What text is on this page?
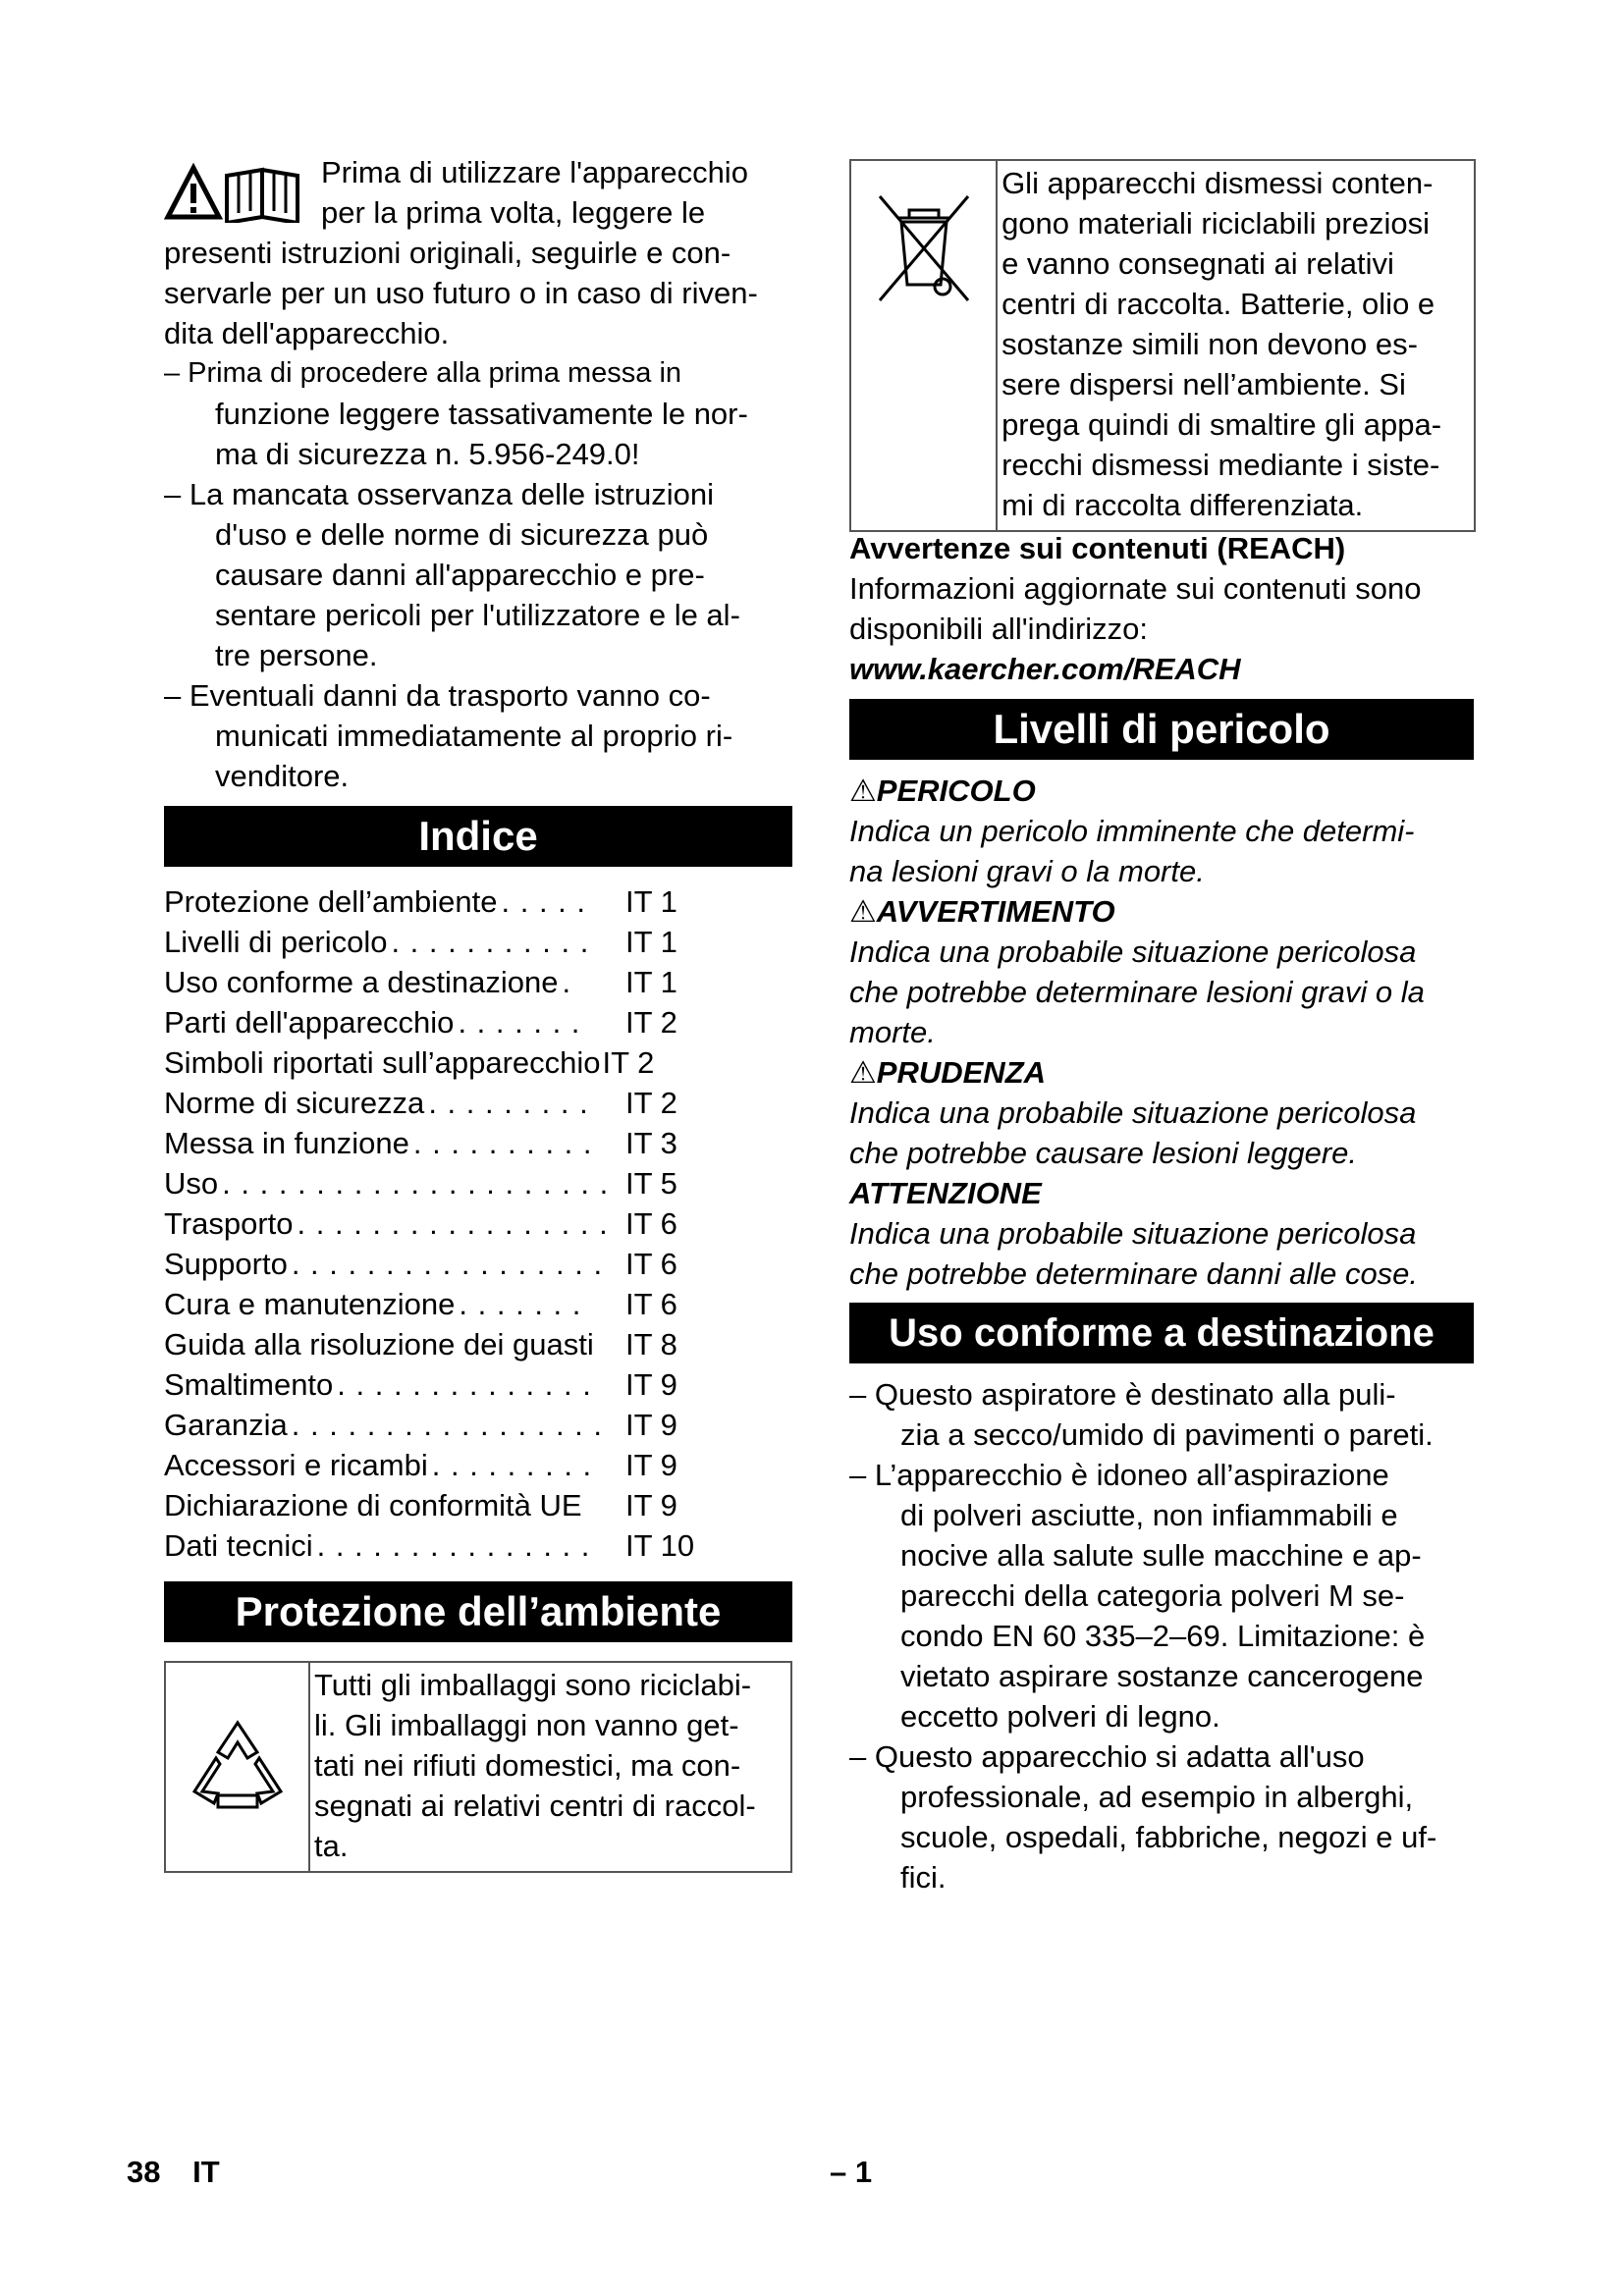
Prima di utilizzare l'apparecchio

per la prima volta, leggere le

presenti istruzioni originali, seguirle e con-

servarle per un uso futuro o in caso di riven-

dita dell'apparecchio.

– Prima di procedere alla prima messa in

funzione leggere tassativamente le nor-

ma di sicurezza n. 5.956-249.0!

– La mancata osservanza delle istruzioni

d'uso e delle norme di sicurezza può

causare danni all'apparecchio e pre-

sentare pericoli per l'utilizzatore e le al-

tre persone.

– Eventuali danni da trasporto vanno co-

municati immediatamente al proprio ri-

venditore.

Indice
Protezione dell’ambiente . . . . . IT 1
Livelli di pericolo . . . . . . . . . . . IT 1
Uso conforme a destinazione . IT 1
Parti dell'apparecchio . . . . . . . IT 2
Simboli riportati sull’apparecchio IT 2
Norme di sicurezza . . . . . . . . . IT 2
Messa in funzione . . . . . . . . . . IT 3
Uso . . . . . . . . . . . . . . . . . . . . . IT 5
Trasporto . . . . . . . . . . . . . . . . . IT 6
Supporto . . . . . . . . . . . . . . . . . IT 6
Cura e manutenzione . . . . . . . IT 6
Guida alla risoluzione dei guasti IT 8
Smaltimento . . . . . . . . . . . . . . IT 9
Garanzia . . . . . . . . . . . . . . . . . IT 9
Accessori e ricambi . . . . . . . . . IT 9
Dichiarazione di conformità UE IT 9
Dati tecnici . . . . . . . . . . . . . . . IT 10
Protezione dell’ambiente
Tutti gli imballaggi sono riciclabi-
li. Gli imballaggi non vanno get-
tati nei rifiuti domestici, ma con-
segnati ai relativi centri di raccol-
ta.
38 IT
Gli apparecchi dismessi conten-
gono materiali riciclabili preziosi
e vanno consegnati ai relativi
centri di raccolta. Batterie, olio e
sostanze simili non devono es-
sere dispersi nell’ambiente. Si
prega quindi di smaltire gli appa-
recchi dismessi mediante i siste-
mi di raccolta differenziata.
Avvertenze sui contenuti (REACH)

Informazioni aggiornate sui contenuti sono

disponibili all'indirizzo:

www.kaercher.com/REACH
Livelli di pericolo
⚠PERICOLO
Indica un pericolo imminente che determi-
na lesioni gravi o la morte.
⚠AVVERTIMENTO
Indica una probabile situazione pericolosa
che potrebbe determinare lesioni gravi o la
morte.
⚠PRUDENZA
Indica una probabile situazione pericolosa
che potrebbe causare lesioni leggere.
ATTENZIONE
Indica una probabile situazione pericolosa
che potrebbe determinare danni alle cose.
Uso conforme a destinazione

– Questo aspiratore è destinato alla puli-

zia a secco/umido di pavimenti o pareti.

– L’apparecchio è idoneo all’aspirazione

di polveri asciutte, non infiammabili e

nocive alla salute sulle macchine e ap-

parecchi della categoria polveri M se-

condo EN 60 335–2–69. Limitazione: è

vietato aspirare sostanze cancerogene

eccetto polveri di legno.

– Questo apparecchio si adatta all'uso

professionale, ad esempio in alberghi,

scuole, ospedali, fabbriche, negozi e uf-

fici.

– 1
